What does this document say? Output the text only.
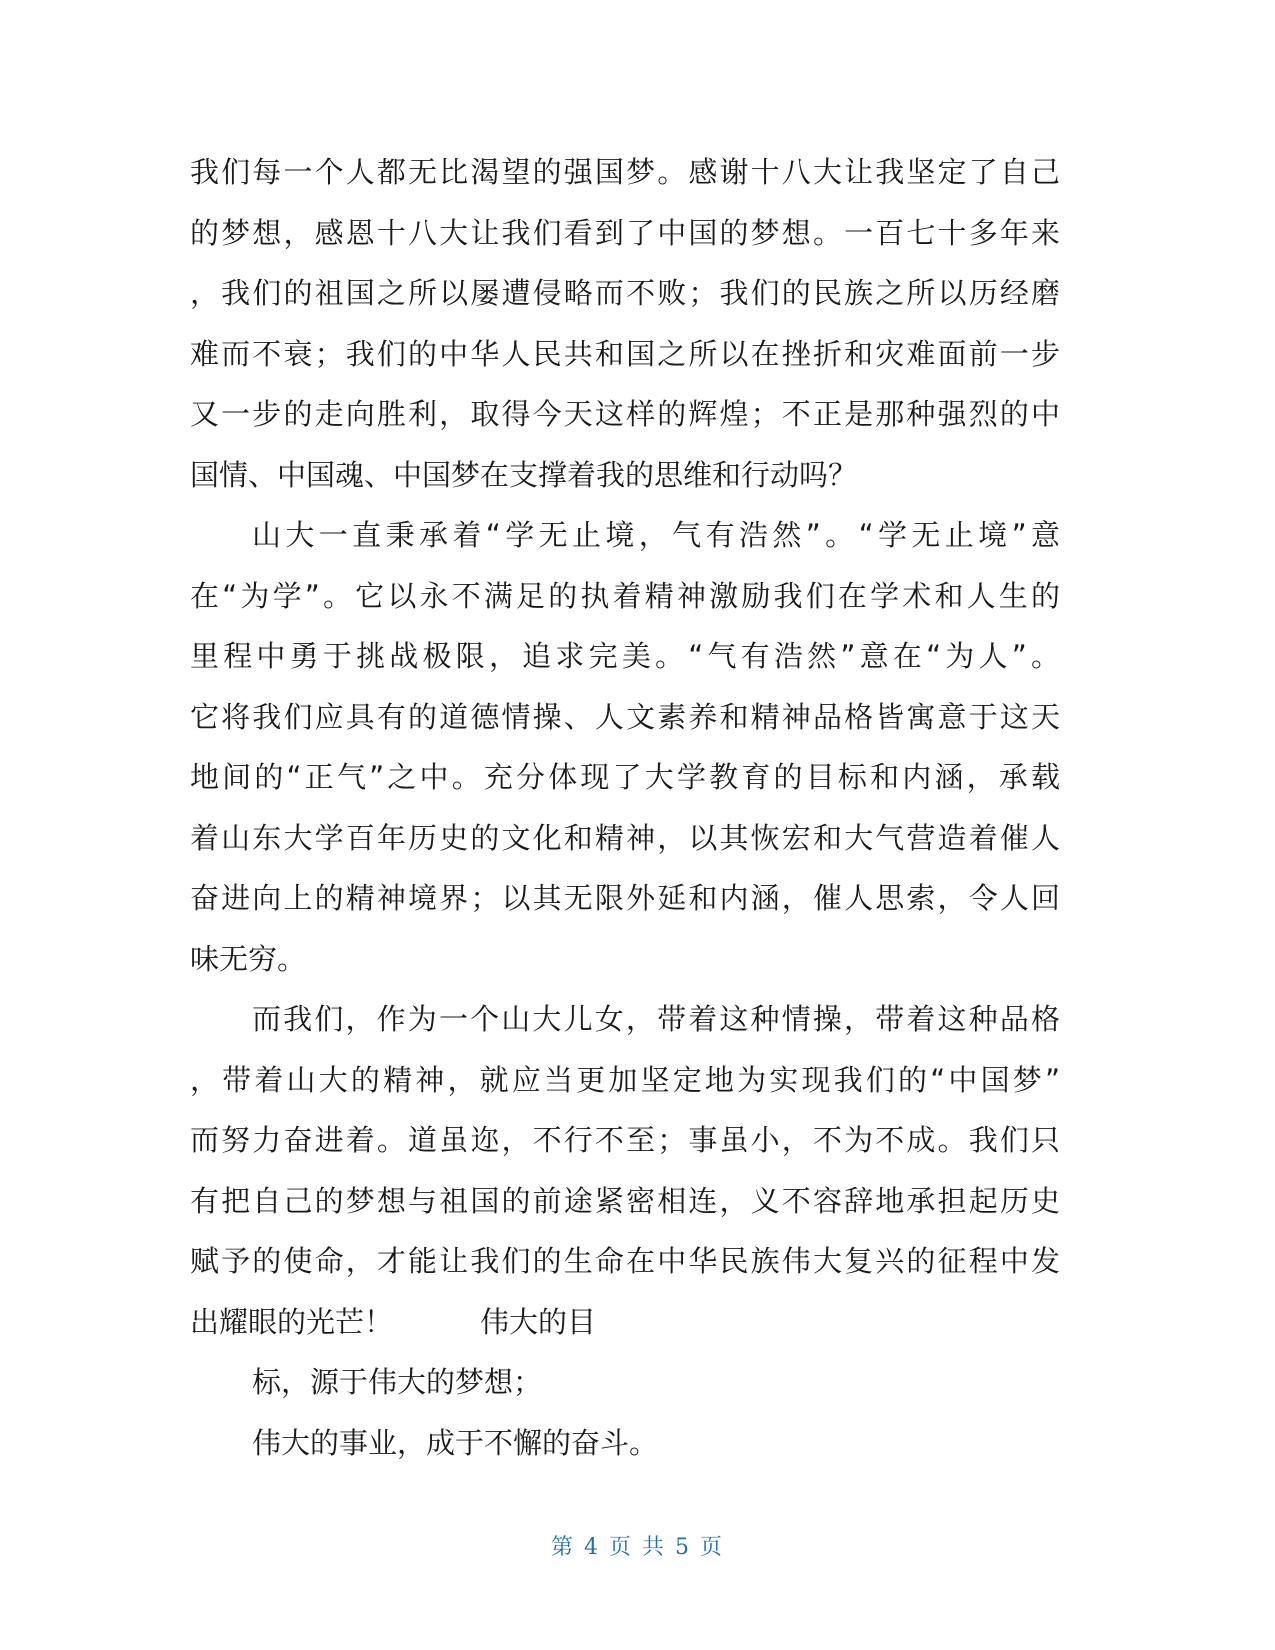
我们每一个人都无比渴望的强国梦。感谢十八大让我坚定了自己
的梦想，感恩十八大让我们看到了中国的梦想。一百七十多年来
，我们的祖国之所以屡遭侵略而不败；我们的民族之所以历经磨
难而不衰；我们的中华人民共和国之所以在挫折和灾难面前一步
又一步的走向胜利，取得今天这样的辉煌；不正是那种强烈的中
国情、中国魂、中国梦在支撑着我的思维和行动吗？
山大一直秉承着“学无止境，气有浩然”。“学无止境”意
在“为学”。它以永不满足的执着精神激励我们在学术和人生的
里程中勇于挑战极限，追求完美。“气有浩然”意在“为人”。
它将我们应具有的道德情操、人文素养和精神品格皆寓意于这天
地间的“正气”之中。充分体现了大学教育的目标和内涵，承载
着山东大学百年历史的文化和精神，以其恢宏和大气营造着催人
奋进向上的精神境界；以其无限外延和内涵，催人思索，令人回
味无穷。
而我们，作为一个山大儿女，带着这种情操，带着这种品格
，带着山大的精神，就应当更加坚定地为实现我们的“中国梦”
而努力奋进着。道虽迩，不行不至；事虽小，不为不成。我们只
有把自己的梦想与祖国的前途紧密相连，义不容辞地承担起历史
赋予的使命，才能让我们的生命在中华民族伟大复兴的征程中发
出耀眼的光芒！　　　伟大的目
标，源于伟大的梦想；
伟大的事业，成于不懈的奋斗。
第 4 页 共 5 页
